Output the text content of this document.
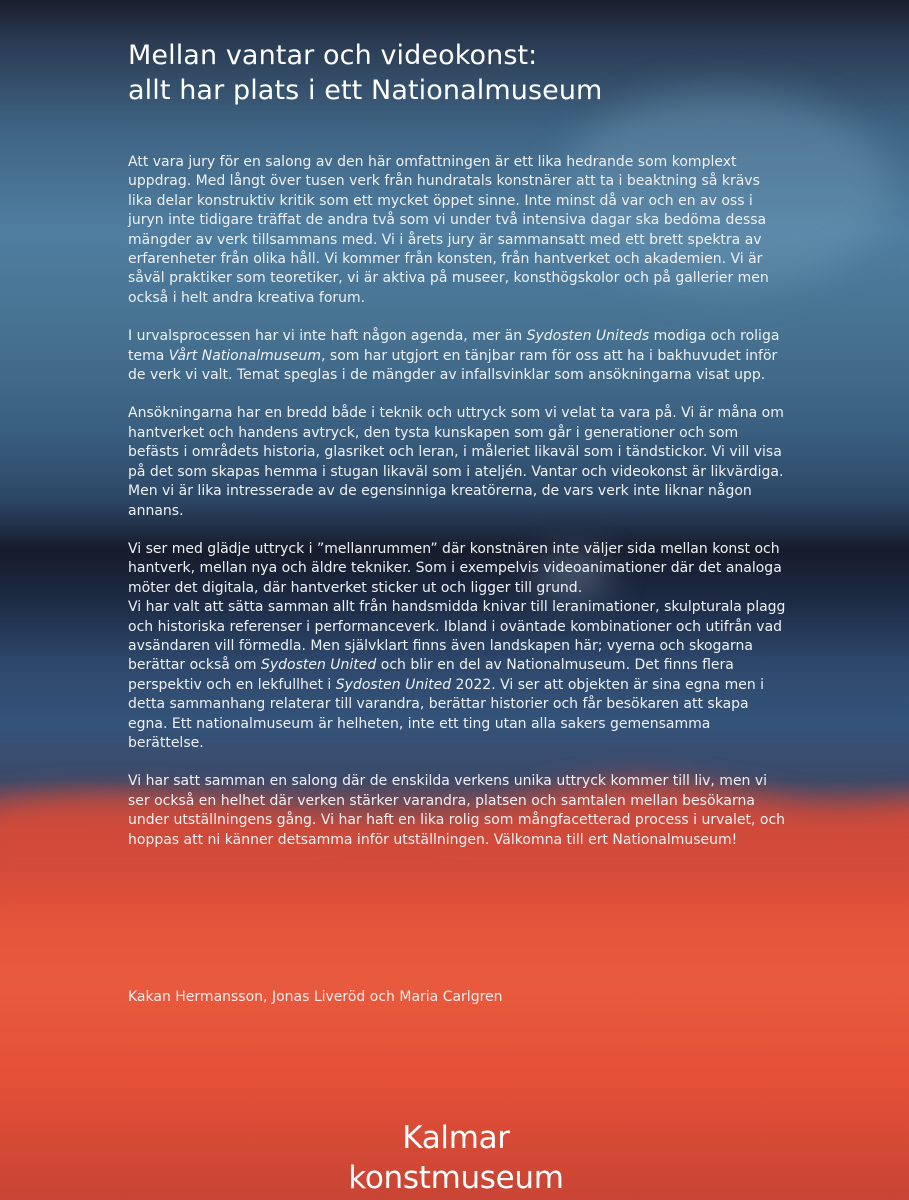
Mellan vantar och videokonst:
allt har plats i ett Nationalmuseum

Att vara jury för en salong av den här omfattningen är ett lika hedrande som komplext uppdrag. Med långt över tusen verk från hundratals konstnärer att ta i beaktning så krävs lika delar konstruktiv kritik som ett mycket öppet sinne. Inte minst då var och en av oss i juryn inte tidigare träffat de andra två som vi under två intensiva dagar ska bedöma dessa mängder av verk tillsammans med. Vi i årets jury är sammansatt med ett brett spektra av erfarenheter från olika håll. Vi kommer från konsten, från hantverket och akademien. Vi är såväl praktiker som teoretiker, vi är aktiva på museer, konsthögskolor och på gallerier men också i helt andra kreativa forum.

I urvalsprocessen har vi inte haft någon agenda, mer än Sydosten Uniteds modiga och roliga tema Vårt Nationalmuseum, som har utgjort en tänjbar ram för oss att ha i bakhuvudet inför de verk vi valt. Temat speglas i de mängder av infallsvinklar som ansökningarna visat upp.

Ansökningarna har en bredd både i teknik och uttryck som vi velat ta vara på. Vi är måna om hantverket och handens avtryck, den tysta kunskapen som går i generationer och som befästs i områdets historia, glasriket och leran, i måleriet likaväl som i tändstickor. Vi vill visa på det som skapas hemma i stugan likaväl som i ateljén. Vantar och videokonst är likvärdiga. Men vi är lika intresserade av de egensinniga kreatörerna, de vars verk inte liknar någon annans.

Vi ser med glädje uttryck i ”mellanrummen” där konstnären inte väljer sida mellan konst och hantverk, mellan nya och äldre tekniker. Som i exempelvis videoanimationer där det analoga möter det digitala, där hantverket sticker ut och ligger till grund.
Vi har valt att sätta samman allt från handsmidda knivar till leranimationer, skulpturala plagg och historiska referenser i performanceverk. Ibland i oväntade kombinationer och utifrån vad avsändaren vill förmedla. Men självklart finns även landskapen här; vyerna och skogarna berättar också om Sydosten United och blir en del av Nationalmuseum. Det finns flera perspektiv och en lekfullhet i Sydosten United 2022. Vi ser att objekten är sina egna men i detta sammanhang relaterar till varandra, berättar historier och får besökaren att skapa egna. Ett nationalmuseum är helheten, inte ett ting utan alla sakers gemensamma berättelse.

Vi har satt samman en salong där de enskilda verkens unika uttryck kommer till liv, men vi ser också en helhet där verken stärker varandra, platsen och samtalen mellan besökarna under utställningens gång. Vi har haft en lika rolig som mångfacetterad process i urvalet, och hoppas att ni känner detsamma inför utställningen. Välkomna till ert Nationalmuseum!

Kakan Hermansson, Jonas Liveröd och Maria Carlgren
Kalmar konstmuseum
